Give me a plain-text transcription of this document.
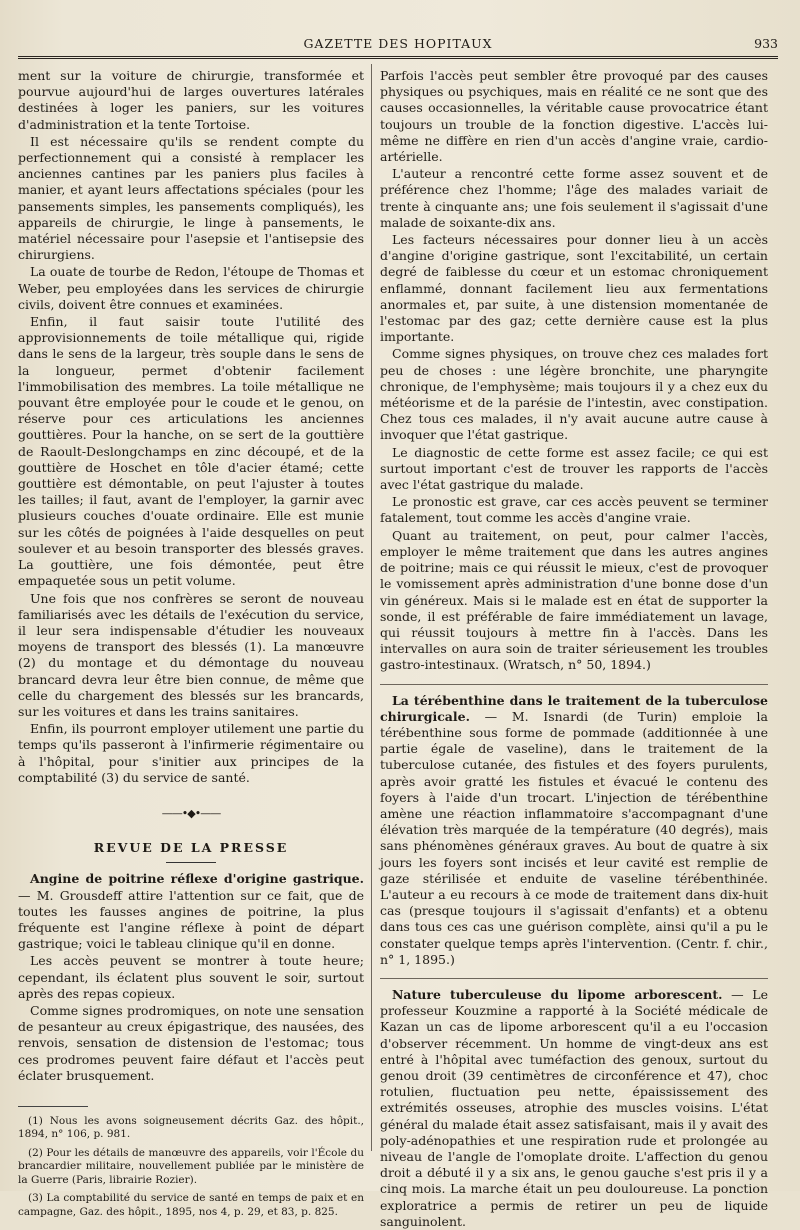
GAZETTE DES HOPITAUX	933

ment sur la voiture de chirurgie, transformée et pourvue aujourd'hui de larges ouvertures latérales destinées à loger les paniers, sur les voitures d'administration et la tente Tortoise.

Il est nécessaire qu'ils se rendent compte du perfectionnement qui a consisté à remplacer les anciennes cantines par les paniers plus faciles à manier, et ayant leurs affectations spéciales (pour les pansements simples, les pansements compliqués), les appareils de chirurgie, le linge à pansements, le matériel nécessaire pour l'asepsie et l'antisepsie des chirurgiens.

La ouate de tourbe de Redon, l'étoupe de Thomas et Weber, peu employées dans les services de chirurgie civils, doivent être connues et examinées.

Enfin, il faut saisir toute l'utilité des approvisionnements de toile métallique qui, rigide dans le sens de la largeur, très souple dans le sens de la longueur, permet d'obtenir facilement l'immobilisation des membres. La toile métallique ne pouvant être employée pour le coude et le genou, on réserve pour ces articulations les anciennes gouttières. Pour la hanche, on se sert de la gouttière de Raoult-Deslongchamps en zinc découpé, et de la gouttière de Hoschet en tôle d'acier étamé; cette gouttière est démontable, on peut l'ajuster à toutes les tailles; il faut, avant de l'employer, la garnir avec plusieurs couches d'ouate ordinaire. Elle est munie sur les côtés de poignées à l'aide desquelles on peut soulever et au besoin transporter des blessés graves. La gouttière, une fois démontée, peut être empaquetée sous un petit volume.

Une fois que nos confrères se seront de nouveau familiarisés avec les détails de l'exécution du service, il leur sera indispensable d'étudier les nouveaux moyens de transport des blessés (1). La manœuvre (2) du montage et du démontage du nouveau brancard devra leur être bien connue, de même que celle du chargement des blessés sur les brancards, sur les voitures et dans les trains sanitaires.

Enfin, ils pourront employer utilement une partie du temps qu'ils passeront à l'infirmerie régimentaire ou à l'hôpital, pour s'initier aux principes de la comptabilité (3) du service de santé.

——•◆•——
REVUE DE LA PRESSE

Angine de poitrine réflexe d'origine gastrique. — M. Grousdeff attire l'attention sur ce fait, que de toutes les fausses angines de poitrine, la plus fréquente est l'angine réflexe à point de départ gastrique; voici le tableau clinique qu'il en donne.

Les accès peuvent se montrer à toute heure; cependant, ils éclatent plus souvent le soir, surtout après des repas copieux.

Comme signes prodromiques, on note une sensation de pesanteur au creux épigastrique, des nausées, des renvois, sensation de distension de l'estomac; tous ces prodromes peuvent faire défaut et l'accès peut éclater brusquement.

(1) Nous les avons soigneusement décrits Gaz. des hôpit., 1894, n° 106, p. 981.

(2) Pour les détails de manœuvre des appareils, voir l'École du brancardier militaire, nouvellement publiée par le ministère de la Guerre (Paris, librairie Rozier).

(3) La comptabilité du service de santé en temps de paix et en campagne, Gaz. des hôpit., 1895, nos 4, p. 29, et 83, p. 825.

Parfois l'accès peut sembler être provoqué par des causes physiques ou psychiques, mais en réalité ce ne sont que des causes occasionnelles, la véritable cause provocatrice étant toujours un trouble de la fonction digestive. L'accès lui-même ne diffère en rien d'un accès d'angine vraie, cardio-artérielle.

L'auteur a rencontré cette forme assez souvent et de préférence chez l'homme; l'âge des malades variait de trente à cinquante ans; une fois seulement il s'agissait d'une malade de soixante-dix ans.

Les facteurs nécessaires pour donner lieu à un accès d'angine d'origine gastrique, sont l'excitabilité, un certain degré de faiblesse du cœur et un estomac chroniquement enflammé, donnant facilement lieu aux fermentations anormales et, par suite, à une distension momentanée de l'estomac par des gaz; cette dernière cause est la plus importante.

Comme signes physiques, on trouve chez ces malades fort peu de choses : une légère bronchite, une pharyngite chronique, de l'emphysème; mais toujours il y a chez eux du météorisme et de la parésie de l'intestin, avec constipation. Chez tous ces malades, il n'y avait aucune autre cause à invoquer que l'état gastrique.

Le diagnostic de cette forme est assez facile; ce qui est surtout important c'est de trouver les rapports de l'accès avec l'état gastrique du malade.

Le pronostic est grave, car ces accès peuvent se terminer fatalement, tout comme les accès d'angine vraie.

Quant au traitement, on peut, pour calmer l'accès, employer le même traitement que dans les autres angines de poitrine; mais ce qui réussit le mieux, c'est de provoquer le vomissement après administration d'une bonne dose d'un vin généreux. Mais si le malade est en état de supporter la sonde, il est préférable de faire immédiatement un lavage, qui réussit toujours à mettre fin à l'accès. Dans les intervalles on aura soin de traiter sérieusement les troubles gastro-intestinaux. (Wratsch, n° 50, 1894.)

La térébenthine dans le traitement de la tuberculose chirurgicale. — M. Isnardi (de Turin) emploie la térébenthine sous forme de pommade (additionnée à une partie égale de vaseline), dans le traitement de la tuberculose cutanée, des fistules et des foyers purulents, après avoir gratté les fistules et évacué le contenu des foyers à l'aide d'un trocart. L'injection de térébenthine amène une réaction inflammatoire s'accompagnant d'une élévation très marquée de la température (40 degrés), mais sans phénomènes généraux graves. Au bout de quatre à six jours les foyers sont incisés et leur cavité est remplie de gaze stérilisée et enduite de vaseline térébenthinée. L'auteur a eu recours à ce mode de traitement dans dix-huit cas (presque toujours il s'agissait d'enfants) et a obtenu dans tous ces cas une guérison complète, ainsi qu'il a pu le constater quelque temps après l'intervention. (Centr. f. chir., n° 1, 1895.)

Nature tuberculeuse du lipome arborescent. — Le professeur Kouzmine a rapporté à la Société médicale de Kazan un cas de lipome arborescent qu'il a eu l'occasion d'observer récemment. Un homme de vingt-deux ans est entré à l'hôpital avec tuméfaction des genoux, surtout du genou droit (39 centimètres de circonférence et 47), choc rotulien, fluctuation peu nette, épaississement des extrémités osseuses, atrophie des muscles voisins. L'état général du malade était assez satisfaisant, mais il y avait des poly-adénopathies et une respiration rude et prolongée au niveau de l'angle de l'omoplate droite. L'affection du genou droit a débuté il y a six ans, le genou gauche s'est pris il y a cinq mois. La marche était un peu douloureuse. La ponction exploratrice a permis de retirer un peu de liquide sanguinolent.
